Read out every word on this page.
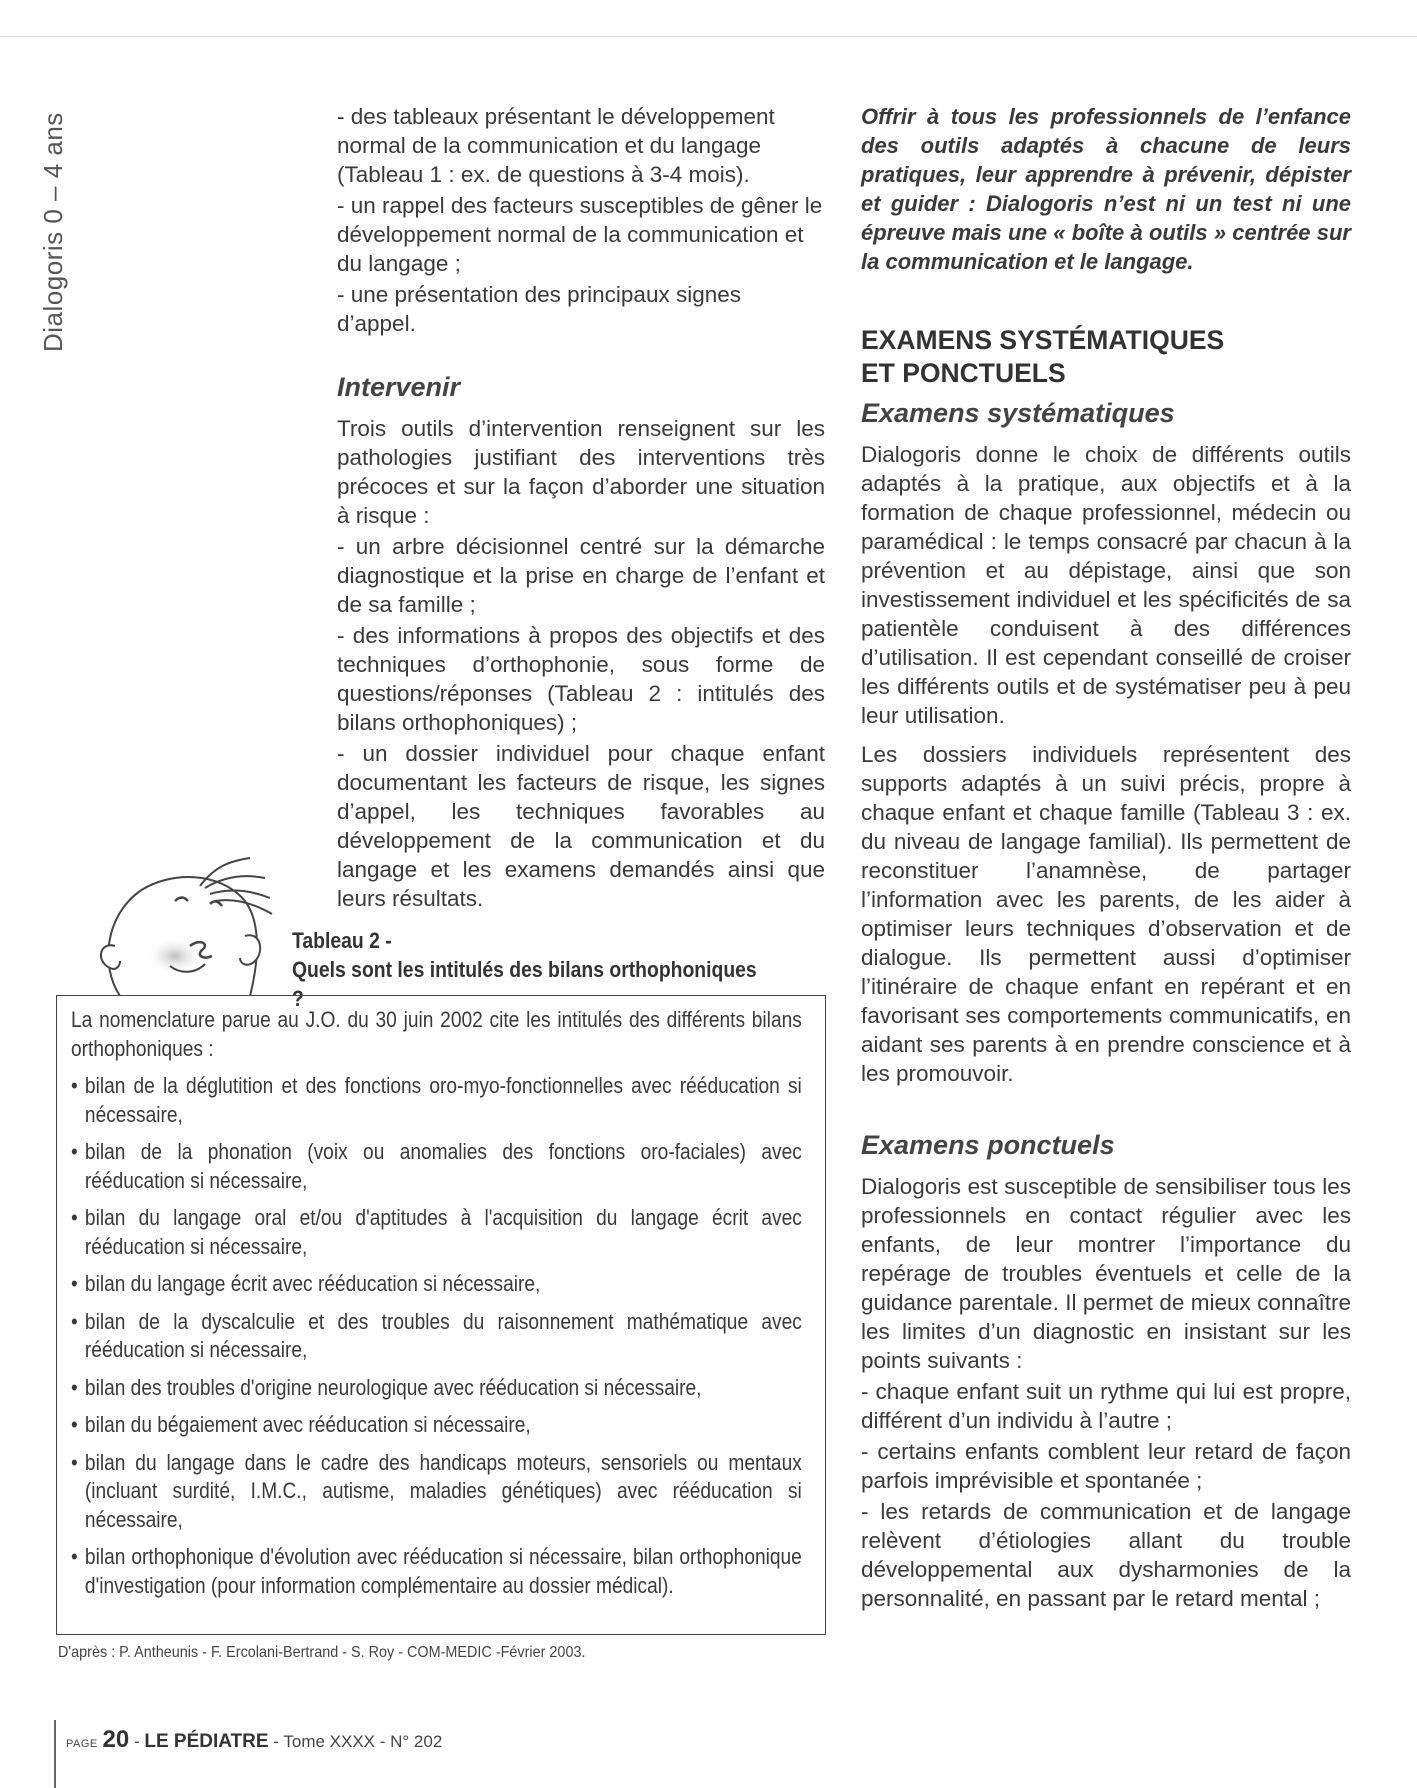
Dialogoris 0 – 4 ans	- des tableaux présentant le développement normal de la communication et du langage (Tableau 1 : ex. de questions à 3-4 mois).
- un rappel des facteurs susceptibles de gêner le développement normal de la communication et du langage ;
- une présentation des principaux signes d’appel.
Intervenir

Trois outils d’intervention renseignent sur les pathologies justifiant des interventions très précoces et sur la façon d’aborder une situation à risque :

- un arbre décisionnel centré sur la démarche diagnostique et la prise en charge de l’enfant et de sa famille ;

- des informations à propos des objectifs et des techniques d’orthophonie, sous forme de questions/réponses (Tableau 2 : intitulés des bilans orthophoniques) ;

- un dossier individuel pour chaque enfant documentant les facteurs de risque, les signes d’appel, les techniques favorables au développement de la communication et du langage et les examens demandés ainsi que leurs résultats.

Tableau 2 -
Quels sont les intitulés des bilans orthophoniques ?

La nomenclature parue au J.O. du 30 juin 2002 cite les intitulés des différents bilans orthophoniques :

• bilan de la déglutition et des fonctions oro-myo-fonctionnelles avec rééducation si nécessaire,
• bilan de la phonation (voix ou anomalies des fonctions oro-faciales) avec rééducation si nécessaire,
• bilan du langage oral et/ou d'aptitudes à l'acquisition du langage écrit avec rééducation si nécessaire,
• bilan du langage écrit avec rééducation si nécessaire,
• bilan de la dyscalculie et des troubles du raisonnement mathématique avec rééducation si nécessaire,
• bilan des troubles d'origine neurologique avec rééducation si nécessaire,
• bilan du bégaiement avec rééducation si nécessaire,
• bilan du langage dans le cadre des handicaps moteurs, sensoriels ou mentaux (incluant surdité, I.M.C., autisme, maladies génétiques) avec rééducation si nécessaire,
• bilan orthophonique d'évolution avec rééducation si nécessaire, bilan orthophonique d'investigation (pour information complémentaire au dossier médical).
D'après : P. Antheunis - F. Ercolani-Bertrand - S. Roy - COM-MEDIC -Février 2003.

Offrir à tous les professionnels de l’enfance des outils adaptés à chacune de leurs pratiques, leur apprendre à prévenir, dépister et guider : Dialogoris n’est ni un test ni une épreuve mais une « boîte à outils » centrée sur la communication et le langage.

EXAMENS SYSTÉMATIQUES
ET PONCTUELS
Examens systématiques

Dialogoris donne le choix de différents outils adaptés à la pratique, aux objectifs et à la formation de chaque professionnel, médecin ou paramédical : le temps consacré par chacun à la prévention et au dépistage, ainsi que son investissement individuel et les spécificités de sa patientèle conduisent à des différences d’utilisation. Il est cependant conseillé de croiser les différents outils et de systématiser peu à peu leur utilisation.

Les dossiers individuels représentent des supports adaptés à un suivi précis, propre à chaque enfant et chaque famille (Tableau 3 : ex. du niveau de langage familial). Ils permettent de reconstituer l’anamnèse, de partager l’information avec les parents, de les aider à optimiser leurs techniques d’observation et de dialogue. Ils permettent aussi d’optimiser l’itinéraire de chaque enfant en repérant et en favorisant ses comportements communicatifs, en aidant ses parents à en prendre conscience et à les promouvoir.

Examens ponctuels

Dialogoris est susceptible de sensibiliser tous les professionnels en contact régulier avec les enfants, de leur montrer l’importance du repérage de troubles éventuels et celle de la guidance parentale. Il permet de mieux connaître les limites d’un diagnostic en insistant sur les points suivants :

- chaque enfant suit un rythme qui lui est propre, différent d’un individu à l’autre ;

- certains enfants comblent leur retard de façon parfois imprévisible et spontanée ;

- les retards de communication et de langage relèvent d’étiologies allant du trouble développemental aux dysharmonies de la personnalité, en passant par le retard mental ;

PAGE 20 - LE PÉDIATRE - Tome XXXX - N° 202
